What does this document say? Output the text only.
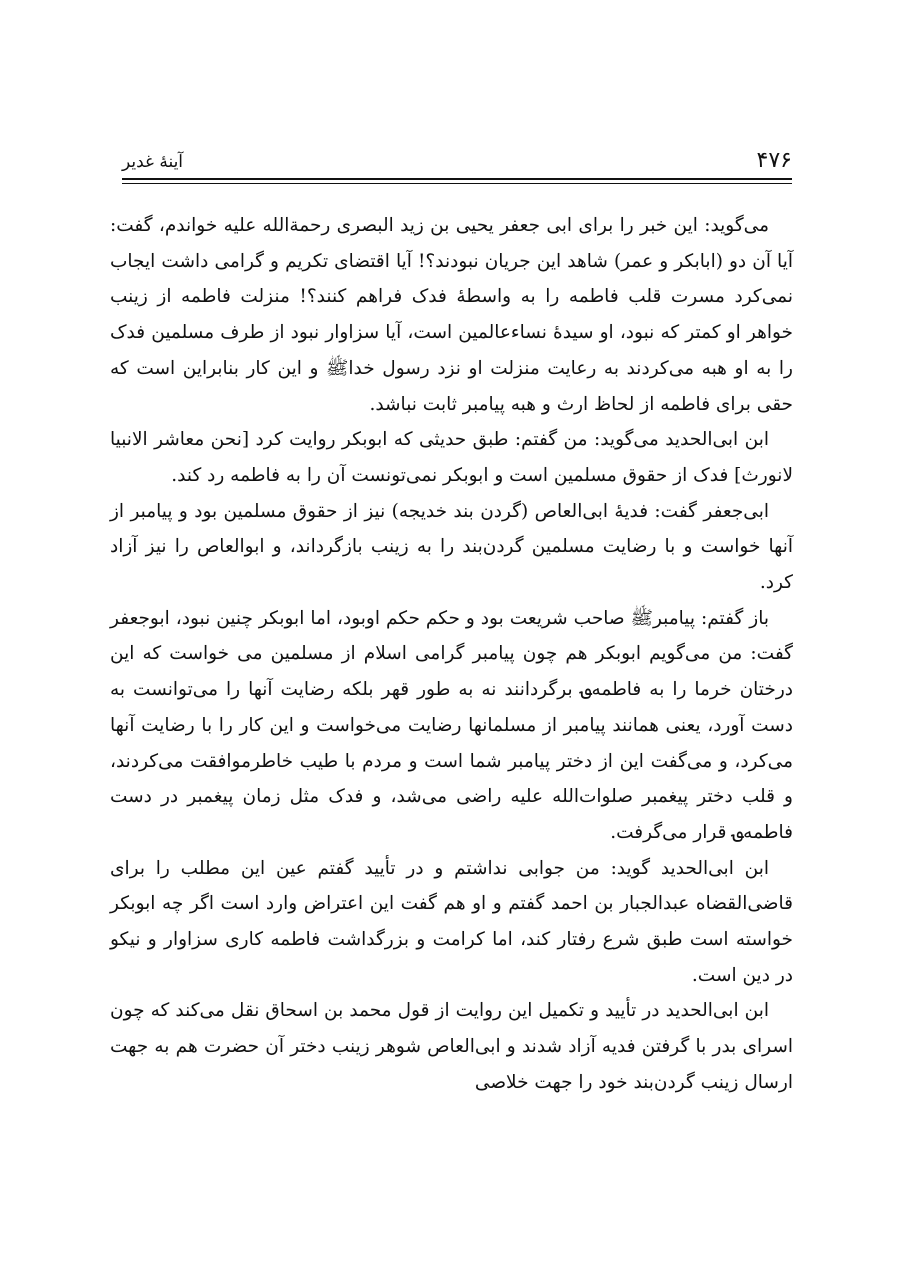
۴۷۶
آینهٔ غدیر

می‌گوید: این خبر را برای ابی جعفر یحیی بن زید البصری رحمةالله علیه خواندم، گفت: آیا آن دو (ابابکر و عمر) شاهد این جریان نبودند؟! آیا اقتضای تکریم و گرامی داشت ایجاب نمی‌کرد مسرت قلب فاطمه را به واسطهٔ فدک فراهم کنند؟! منزلت فاطمه از زینب خواهر او کمتر که نبود، او سیدهٔ نساءعالمین است، آیا سزاوار نبود از طرف مسلمین فدک را به او هبه می‌کردند به رعایت منزلت او نزد رسول خداﷺ و این کار بنابراین است که حقی برای فاطمه از لحاظ ارث و هبه پیامبر ثابت نباشد.

ابن ابی‌الحدید می‌گوید: من گفتم: طبق حدیثی که ابوبکر روایت کرد [نحن معاشر الانبیا لانورث] فدک از حقوق مسلمین است و ابوبکر نمی‌تونست آن را به فاطمه رد کند.

ابی‌جعفر گفت: فدیهٔ ابی‌العاص (گردن بند خدیجه) نیز از حقوق مسلمین بود و پیامبر از آنها خواست و با رضایت مسلمین گردن‌بند را به زینب بازگرداند، و ابوالعاص را نیز آزاد کرد.

باز گفتم: پیامبرﷺ صاحب شریعت بود و حکم حکم اوبود، اما ابوبکر چنین نبود، ابوجعفر گفت: من می‌گویم ابوبکر هم چون پیامبر گرامی اسلام از مسلمین می خواست که این درختان خرما را به فاطمه؈ برگردانند نه به طور قهر بلکه رضایت آنها را می‌توانست به دست آورد، یعنی همانند پیامبر از مسلمانها رضایت می‌خواست و این کار را با رضایت آنها می‌کرد، و می‌گفت این از دختر پیامبر شما است و مردم با طیب خاطرموافقت می‌کردند، و قلب دختر پیغمبر صلوات‌الله علیه راضی می‌شد، و فدک مثل زمان پیغمبر در دست فاطمه؈ قرار می‌گرفت.

ابن ابی‌الحدید گوید: من جوابی نداشتم و در تأیید گفتم عین این مطلب را برای قاضی‌القضاه عبدالجبار بن احمد گفتم و او هم گفت این اعتراض وارد است اگر چه ابوبکر خواسته است طبق شرع رفتار کند، اما کرامت و بزرگداشت فاطمه کاری سزاوار و نیکو در دین است.

ابن ابی‌الحدید در تأیید و تکمیل این روایت از قول محمد بن اسحاق نقل می‌کند که چون اسرای بدر با گرفتن فدیه آزاد شدند و ابی‌العاص شوهر زینب دختر آن حضرت هم به جهت ارسال زینب گردن‌بند خود را جهت خلاصی
